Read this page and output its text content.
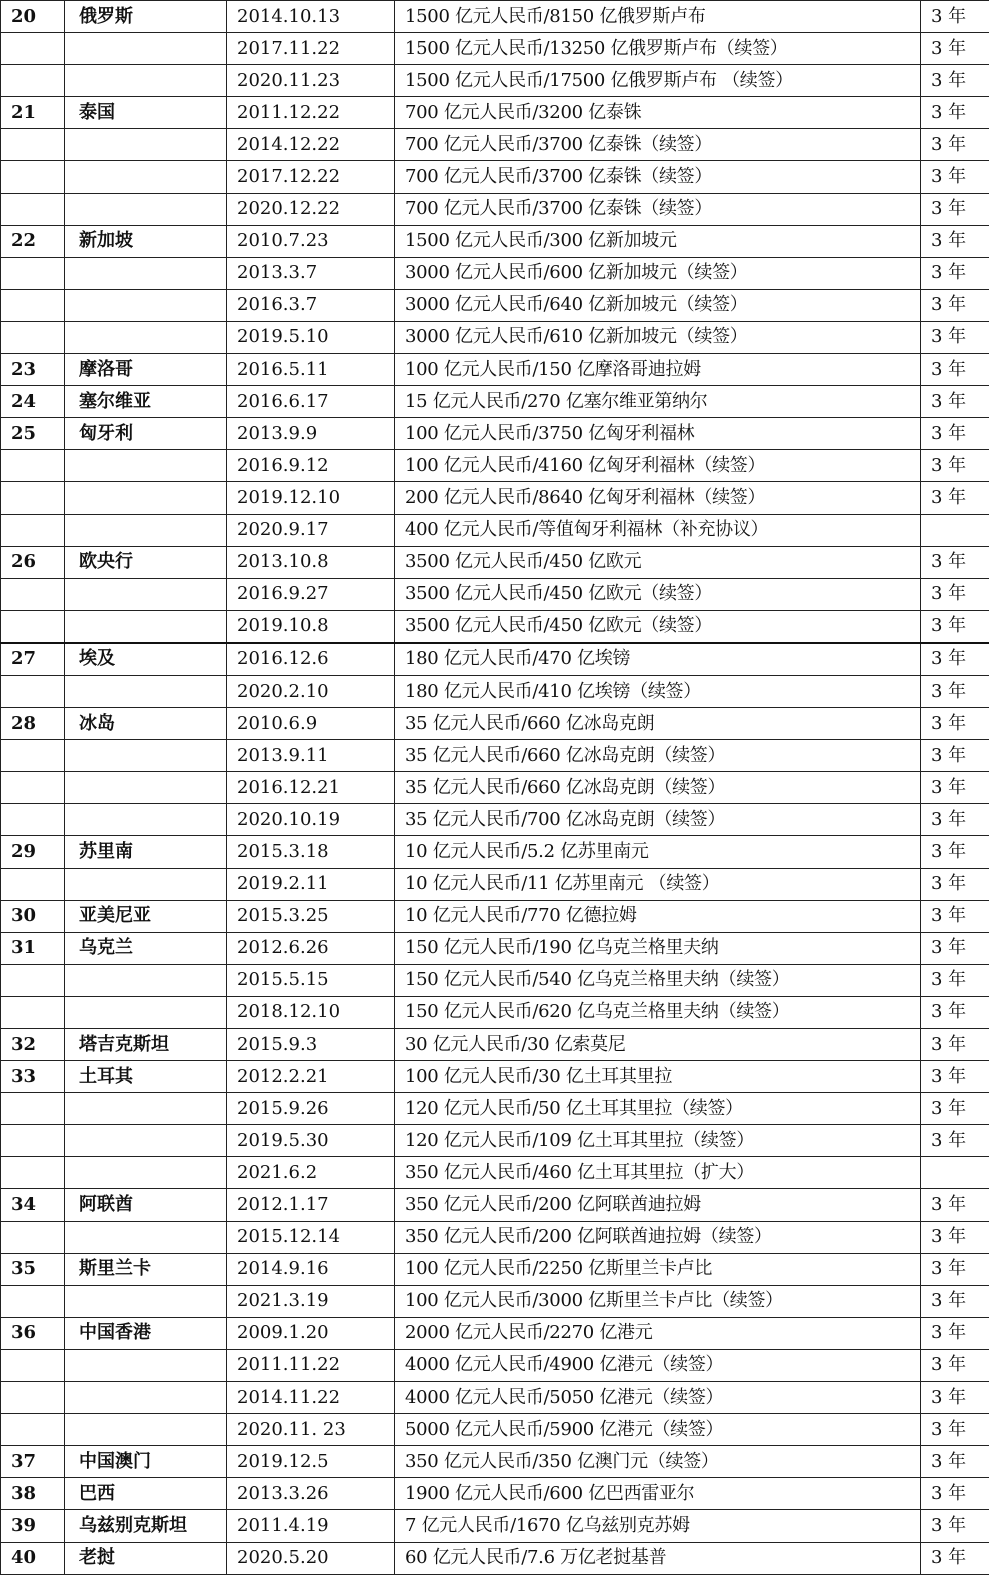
20	俄罗斯	2014.10.13	1500 亿元人民币/8150 亿俄罗斯卢布	3 年
		2017.11.22	1500 亿元人民币/13250 亿俄罗斯卢布（续签）	3 年
		2020.11.23	1500 亿元人民币/17500 亿俄罗斯卢布 （续签）	3 年
21	泰国	2011.12.22	700 亿元人民币/3200 亿泰铢	3 年
		2014.12.22	700 亿元人民币/3700 亿泰铢（续签）	3 年
		2017.12.22	700 亿元人民币/3700 亿泰铢（续签）	3 年
		2020.12.22	700 亿元人民币/3700 亿泰铢（续签）	3 年
22	新加坡	2010.7.23	1500 亿元人民币/300 亿新加坡元	3 年
		2013.3.7	3000 亿元人民币/600 亿新加坡元（续签）	3 年
		2016.3.7	3000 亿元人民币/640 亿新加坡元（续签）	3 年
		2019.5.10	3000 亿元人民币/610 亿新加坡元（续签）	3 年
23	摩洛哥	2016.5.11	100 亿元人民币/150 亿摩洛哥迪拉姆	3 年
24	塞尔维亚	2016.6.17	15 亿元人民币/270 亿塞尔维亚第纳尔	3 年
25	匈牙利	2013.9.9	100 亿元人民币/3750 亿匈牙利福林	3 年
		2016.9.12	100 亿元人民币/4160 亿匈牙利福林（续签）	3 年
		2019.12.10	200 亿元人民币/8640 亿匈牙利福林（续签）	3 年
		2020.9.17	400 亿元人民币/等值匈牙利福林（补充协议）	
26	欧央行	2013.10.8	3500 亿元人民币/450 亿欧元	3 年
		2016.9.27	3500 亿元人民币/450 亿欧元（续签）	3 年
		2019.10.8	3500 亿元人民币/450 亿欧元（续签）	3 年
27	埃及	2016.12.6	180 亿元人民币/470 亿埃镑	3 年
		2020.2.10	180 亿元人民币/410 亿埃镑（续签）	3 年
28	冰岛	2010.6.9	35 亿元人民币/660 亿冰岛克朗	3 年
		2013.9.11	35 亿元人民币/660 亿冰岛克朗（续签）	3 年
		2016.12.21	35 亿元人民币/660 亿冰岛克朗（续签）	3 年
		2020.10.19	35 亿元人民币/700 亿冰岛克朗（续签）	3 年
29	苏里南	2015.3.18	10 亿元人民币/5.2 亿苏里南元	3 年
		2019.2.11	10 亿元人民币/11 亿苏里南元 （续签）	3 年
30	亚美尼亚	2015.3.25	10 亿元人民币/770 亿德拉姆	3 年
31	乌克兰	2012.6.26	150 亿元人民币/190 亿乌克兰格里夫纳	3 年
		2015.5.15	150 亿元人民币/540 亿乌克兰格里夫纳（续签）	3 年
		2018.12.10	150 亿元人民币/620 亿乌克兰格里夫纳（续签）	3 年
32	塔吉克斯坦	2015.9.3	30 亿元人民币/30 亿索莫尼	3 年
33	土耳其	2012.2.21	100 亿元人民币/30 亿土耳其里拉	3 年
		2015.9.26	120 亿元人民币/50 亿土耳其里拉（续签）	3 年
		2019.5.30	120 亿元人民币/109 亿土耳其里拉（续签）	3 年
		2021.6.2	350 亿元人民币/460 亿土耳其里拉（扩大）	
34	阿联酋	2012.1.17	350 亿元人民币/200 亿阿联酋迪拉姆	3 年
		2015.12.14	350 亿元人民币/200 亿阿联酋迪拉姆（续签）	3 年
35	斯里兰卡	2014.9.16	100 亿元人民币/2250 亿斯里兰卡卢比	3 年
		2021.3.19	100 亿元人民币/3000 亿斯里兰卡卢比（续签）	3 年
36	中国香港	2009.1.20	2000 亿元人民币/2270 亿港元	3 年
		2011.11.22	4000 亿元人民币/4900 亿港元（续签）	3 年
		2014.11.22	4000 亿元人民币/5050 亿港元（续签）	3 年
		2020.11. 23	5000 亿元人民币/5900 亿港元（续签）	3 年
37	中国澳门	2019.12.5	350 亿元人民币/350 亿澳门元（续签）	3 年
38	巴西	2013.3.26	1900 亿元人民币/600 亿巴西雷亚尔	3 年
39	乌兹别克斯坦	2011.4.19	7 亿元人民币/1670 亿乌兹别克苏姆	3 年
40	老挝	2020.5.20	60 亿元人民币/7.6 万亿老挝基普	3 年
